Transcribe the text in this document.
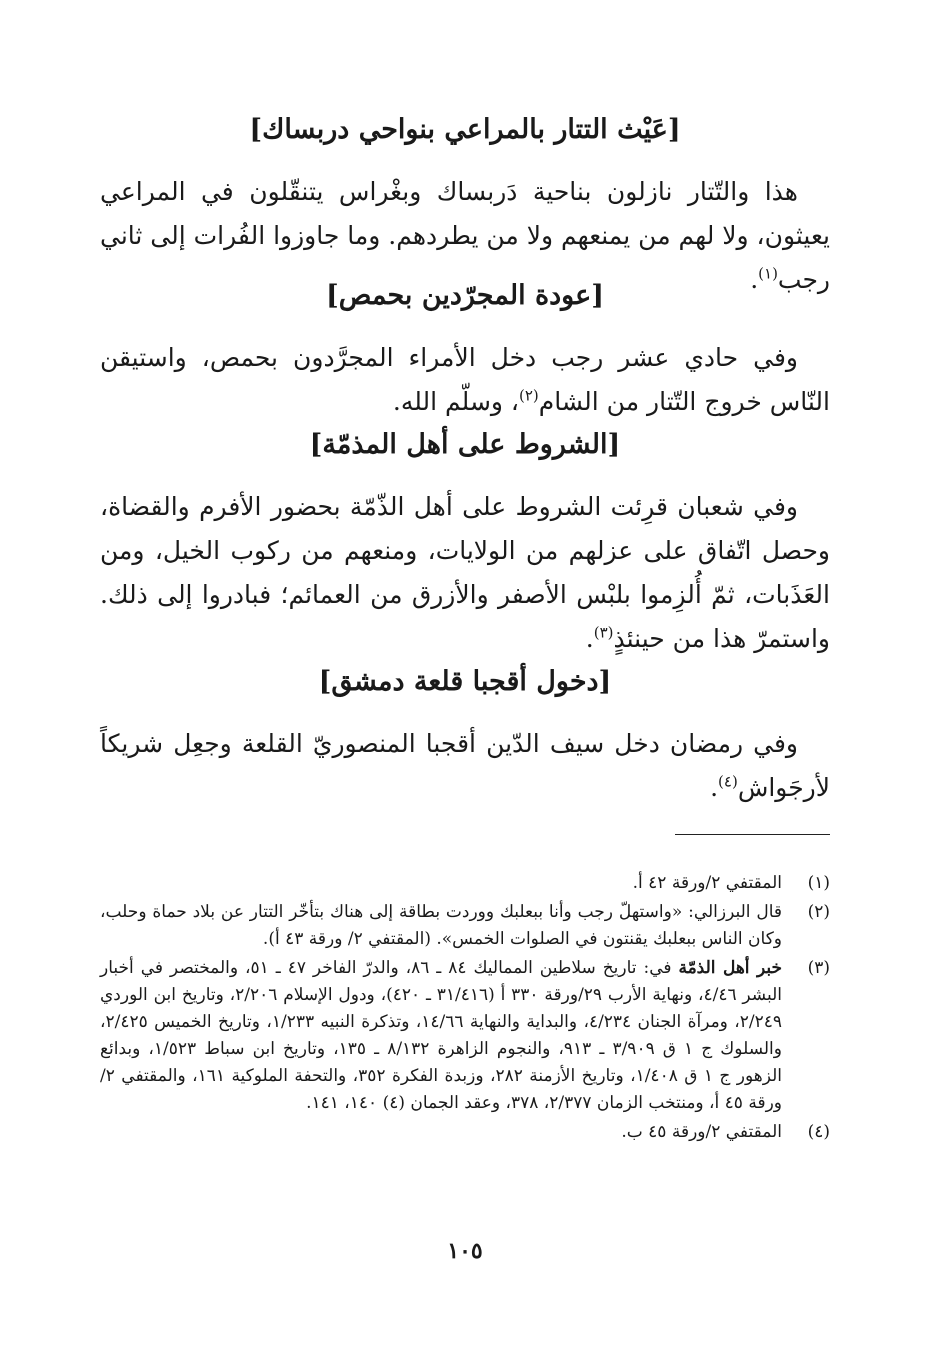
[عَيْث التتار بالمراعي بنواحي دربساك]

هذا والتّتار نازلون بناحية دَربساك وبغْراس يتنقّلون في المراعي يعيثون، ولا لهم من يمنعهم ولا من يطردهم. وما جاوزوا الفُرات إلى ثاني رجب$^{(١)}$.

[عودة المجرّدين بحمص]

وفي حادي عشر رجب دخل الأمراء المجرَّدون بحمص، واستيقن النّاس خروج التّتار من الشام$^{(٢)}$، وسلّم الله.

[الشروط على أهل المذمّة]

وفي شعبان قرِئت الشروط على أهل الذّمّة بحضور الأفرم والقضاة، وحصل اتّفاق على عزلهم من الولايات، ومنعهم من ركوب الخيل، ومن العَذَبات، ثمّ أُلزِموا بلبْس الأصفر والأزرق من العمائم؛ فبادروا إلى ذلك. واستمرّ هذا من حينئذٍ$^{(٣)}$.

[دخول أقجبا قلعة دمشق]

وفي رمضان دخل سيف الدّين أقجبا المنصوريّ القلعة وجعِل شريكاً لأرجَواش$^{(٤)}$.

(١)
المقتفي ٢/ورقة ٤٢ أ.
(٢)
قال البرزالي: «واستهلّ رجب وأنا ببعلبك ووردت بطاقة إلى هناك بتأخّر التتار عن بلاد حماة وحلب، وكان الناس ببعلبك يقنتون في الصلوات الخمس». (المقتفي ٢/ ورقة ٤٣ أ).
(٣)
خبر أهل الذمّة في: تاريخ سلاطين المماليك ٨٤ ـ ٨٦، والدرّ الفاخر ٤٧ ـ ٥١، والمختصر في أخبار البشر ٤/٤٦، ونهاية الأرب ٢٩/ورقة ٣٣٠ أ (٣١/٤١٦ ـ ٤٢٠)، ودول الإسلام ٢/٢٠٦، وتاريخ ابن الوردي ٢/٢٤٩، ومرآة الجنان ٤/٢٣٤، والبداية والنهاية ١٤/٦٦، وتذكرة النبيه ١/٢٣٣، وتاريخ الخميس ٢/٤٢٥، والسلوك ج ١ ق ٣/٩٠٩ ـ ٩١٣، والنجوم الزاهرة ٨/١٣٢ ـ ١٣٥، وتاريخ ابن سباط ١/٥٢٣، وبدائع الزهور ج ١ ق ١/٤٠٨، وتاريخ الأزمنة ٢٨٢، وزبدة الفكرة ٣٥٢، والتحفة الملوكية ١٦١، والمقتفي ٢/ورقة ٤٥ أ، ومنتخب الزمان ٢/٣٧٧، ٣٧٨، وعقد الجمان (٤) ١٤٠، ١٤١.
(٤)
المقتفي ٢/ورقة ٤٥ ب.
١٠٥
